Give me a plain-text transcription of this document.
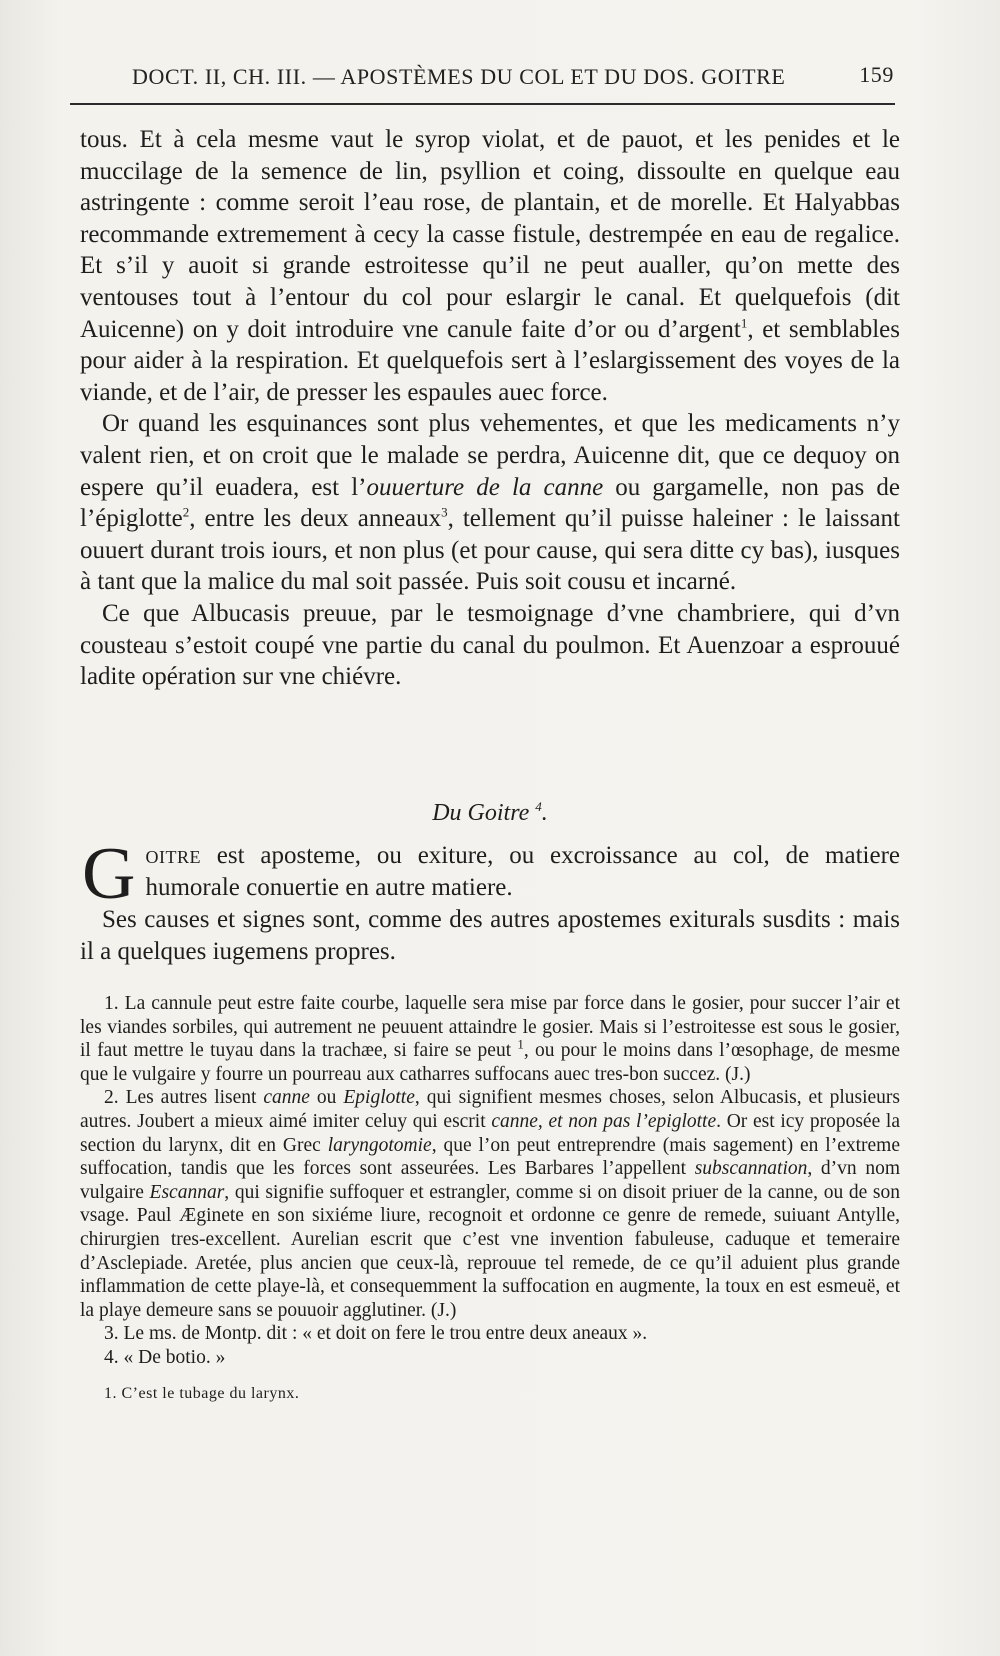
DOCT. II, CH. III. — APOSTÈMES DU COL ET DU DOS. GOITRE	159

tous. Et à cela mesme vaut le syrop violat, et de pauot, et les penides et le muccilage de la semence de lin, psyllion et coing, dissoulte en quelque eau astringente : comme seroit l’eau rose, de plantain, et de morelle. Et Halyabbas recommande extremement à cecy la casse fistule, destrempée en eau de regalice. Et s’il y auoit si grande estroitesse qu’il ne peut aualler, qu’on mette des ventouses tout à l’entour du col pour eslargir le canal. Et quelquefois (dit Auicenne) on y doit introduire vne canule faite d’or ou d’argent$^1$, et semblables pour aider à la respiration. Et quelquefois sert à l’eslargissement des voyes de la viande, et de l’air, de presser les espaules auec force.

Or quand les esquinances sont plus vehementes, et que les medicaments n’y valent rien, et on croit que le malade se perdra, Auicenne dit, que ce dequoy on espere qu’il euadera, est l’ouuerture de la canne ou gargamelle, non pas de l’épiglotte$^2$, entre les deux anneaux$^3$, tellement qu’il puisse haleiner : le laissant ouuert durant trois iours, et non plus (et pour cause, qui sera ditte cy bas), iusques à tant que la malice du mal soit passée. Puis soit cousu et incarné.

Ce que Albucasis preuue, par le tesmoignage d’vne chambriere, qui d’vn cousteau s’estoit coupé vne partie du canal du poulmon. Et Auenzoar a esprouué ladite opération sur vne chiévre.

Du Goitre $^4$.

Goitre est aposteme, ou exiture, ou excroissance au col, de matiere humorale conuertie en autre matiere.

Ses causes et signes sont, comme des autres apostemes exiturals susdits : mais il a quelques iugemens propres.

1. La cannule peut estre faite courbe, laquelle sera mise par force dans le gosier, pour succer l’air et les viandes sorbiles, qui autrement ne peuuent attaindre le gosier. Mais si l’estroitesse est sous le gosier, il faut mettre le tuyau dans la trachæe, si faire se peut $^1$, ou pour le moins dans l’œsophage, de mesme que le vulgaire y fourre un pourreau aux catharres suffocans auec tres-bon succez. (J.)

2. Les autres lisent canne ou Epiglotte, qui signifient mesmes choses, selon Albucasis, et plusieurs autres. Joubert a mieux aimé imiter celuy qui escrit canne, et non pas l’epiglotte. Or est icy proposée la section du larynx, dit en Grec laryngotomie, que l’on peut entreprendre (mais sagement) en l’extreme suffocation, tandis que les forces sont asseurées. Les Barbares l’appellent subscannation, d’vn nom vulgaire Escannar, qui signifie suffoquer et estrangler, comme si on disoit priuer de la canne, ou de son vsage. Paul Æginete en son sixiéme liure, recognoit et ordonne ce genre de remede, suiuant Antylle, chirurgien tres-excellent. Aurelian escrit que c’est vne invention fabuleuse, caduque et temeraire d’Asclepiade. Aretée, plus ancien que ceux-là, reprouue tel remede, de ce qu’il aduient plus grande inflammation de cette playe-là, et consequemment la suffocation en augmente, la toux en est esmeuë, et la playe demeure sans se pouuoir agglutiner. (J.)

3. Le ms. de Montp. dit : « et doit on fere le trou entre deux aneaux ».

4. « De botio. »

1. C’est le tubage du larynx.
